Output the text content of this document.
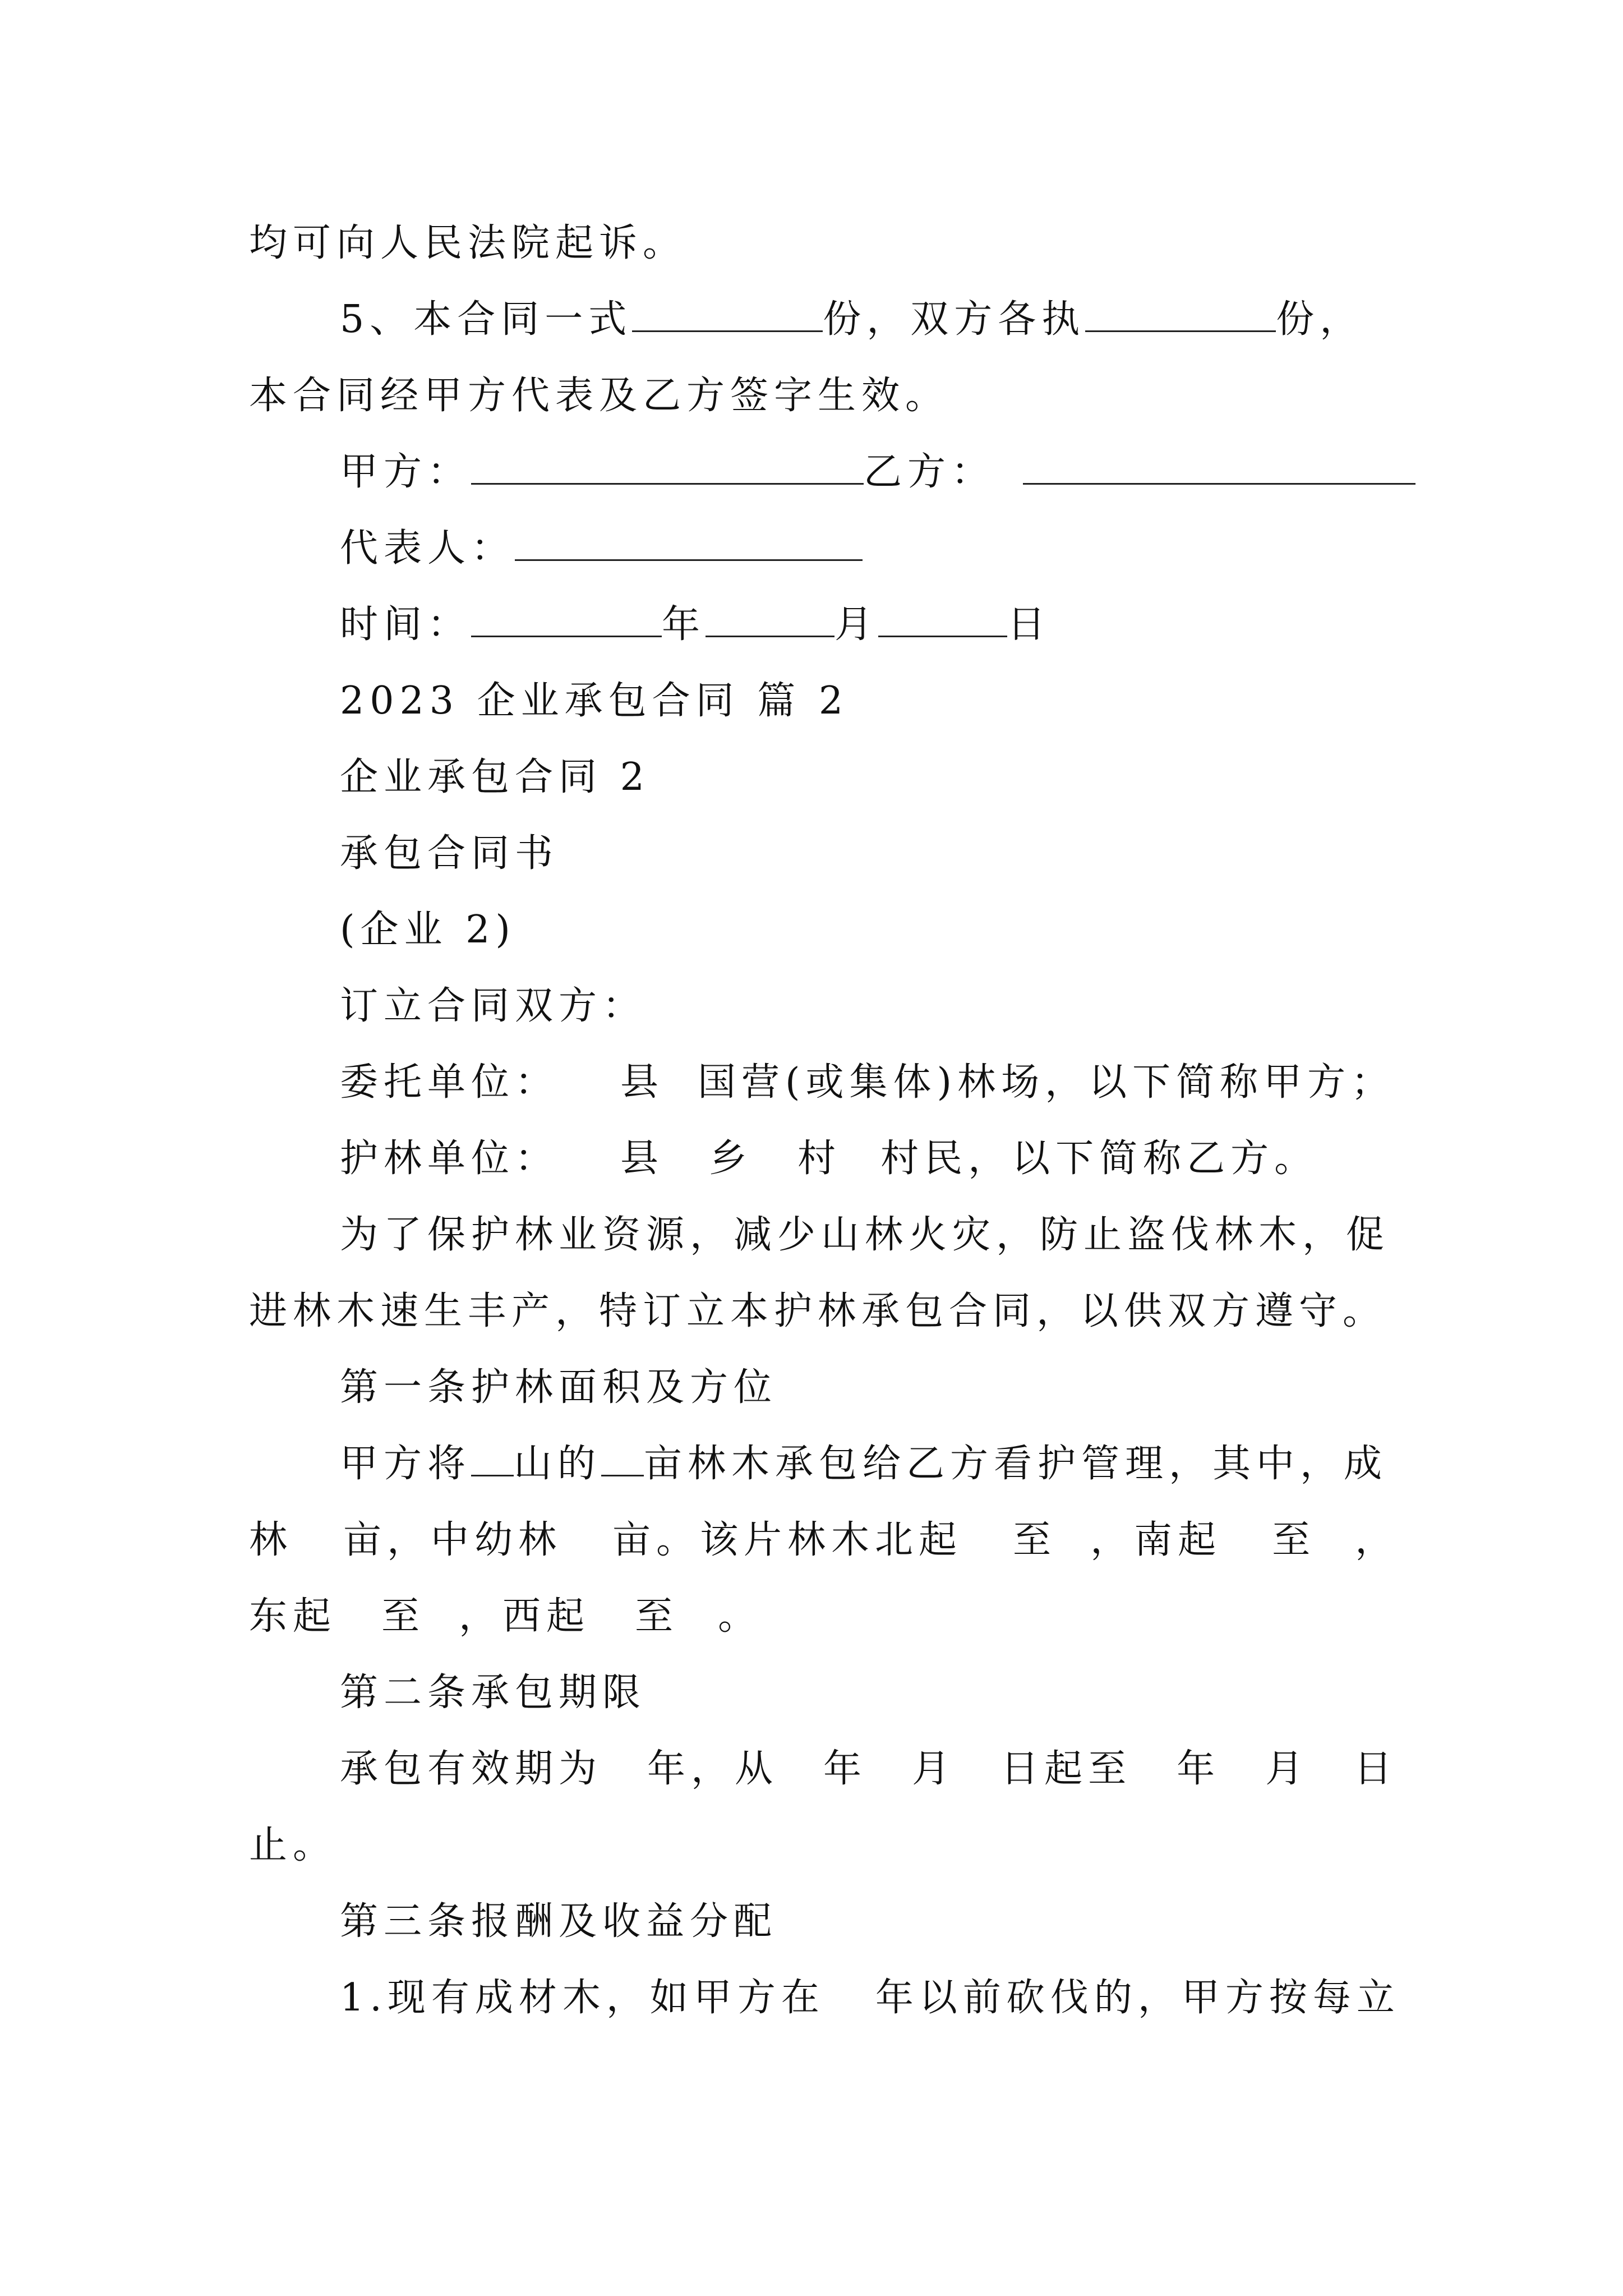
均可向人民法院起诉。
5、本合同一式	份，双方各执	份，
本合同经甲方代表及乙方签字生效。
甲方：	乙方：
代表人：
时间：	年	月	日
2023 企业承包合同 篇 2
企业承包合同 2
承包合同书
(企业 2)
订立合同双方：
委托单位： 县 国营(或集体)林场，以下简称甲方；
护林单位： 县 乡 村 村民，以下简称乙方。
为了保护林业资源，减少山林火灾，防止盗伐林木，促
进林木速生丰产，特订立本护林承包合同，以供双方遵守。
第一条护林面积及方位
甲方将 山的 亩林木承包给乙方看护管理，其中，成
林 亩，中幼林 亩。该片林木北起 至 ，南起 至 ，
东起 至 ，西起 至 。
第二条承包期限
承包有效期为 年，从 年 月 日起至 年 月 日
止。
第三条报酬及收益分配
1.现有成材木，如甲方在 年以前砍伐的，甲方按每立
